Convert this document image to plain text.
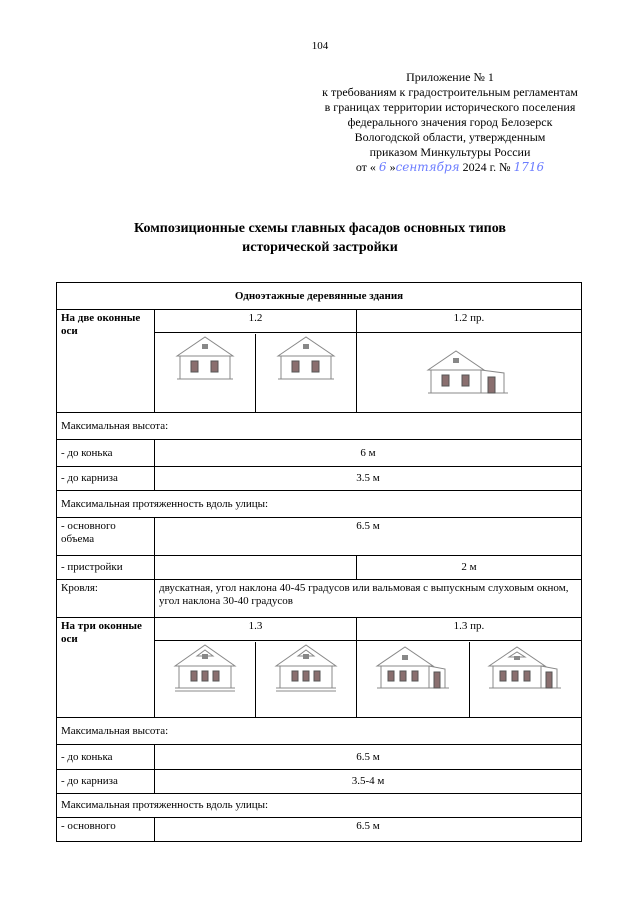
104
Приложение № 1
к требованиям к градостроительным регламентам
в границах территории исторического поселения
федерального значения город Белозерск
Вологодской области, утвержденным
приказом Минкультуры России
от « 6 »сентября 2024 г. № 1716
Композиционные схемы главных фасадов основных типов
исторической застройки
Одноэтажные деревянные здания
На две оконные оси	1.2	1.2 пр.

Максимальная высота:
- до конька	6 м
- до карниза	3.5 м
Максимальная протяженность вдоль улицы:
- основного объема	6.5 м
- пристройки		2 м
Кровля:	двускатная, угол наклона 40-45 градусов или вальмовая с выпускным слуховым окном, угол наклона 30-40 градусов
На три оконные оси	1.3	1.3 пр.

Максимальная высота:
- до конька	6.5 м
- до карниза	3.5-4 м
Максимальная протяженность вдоль улицы:
- основного	6.5 м
